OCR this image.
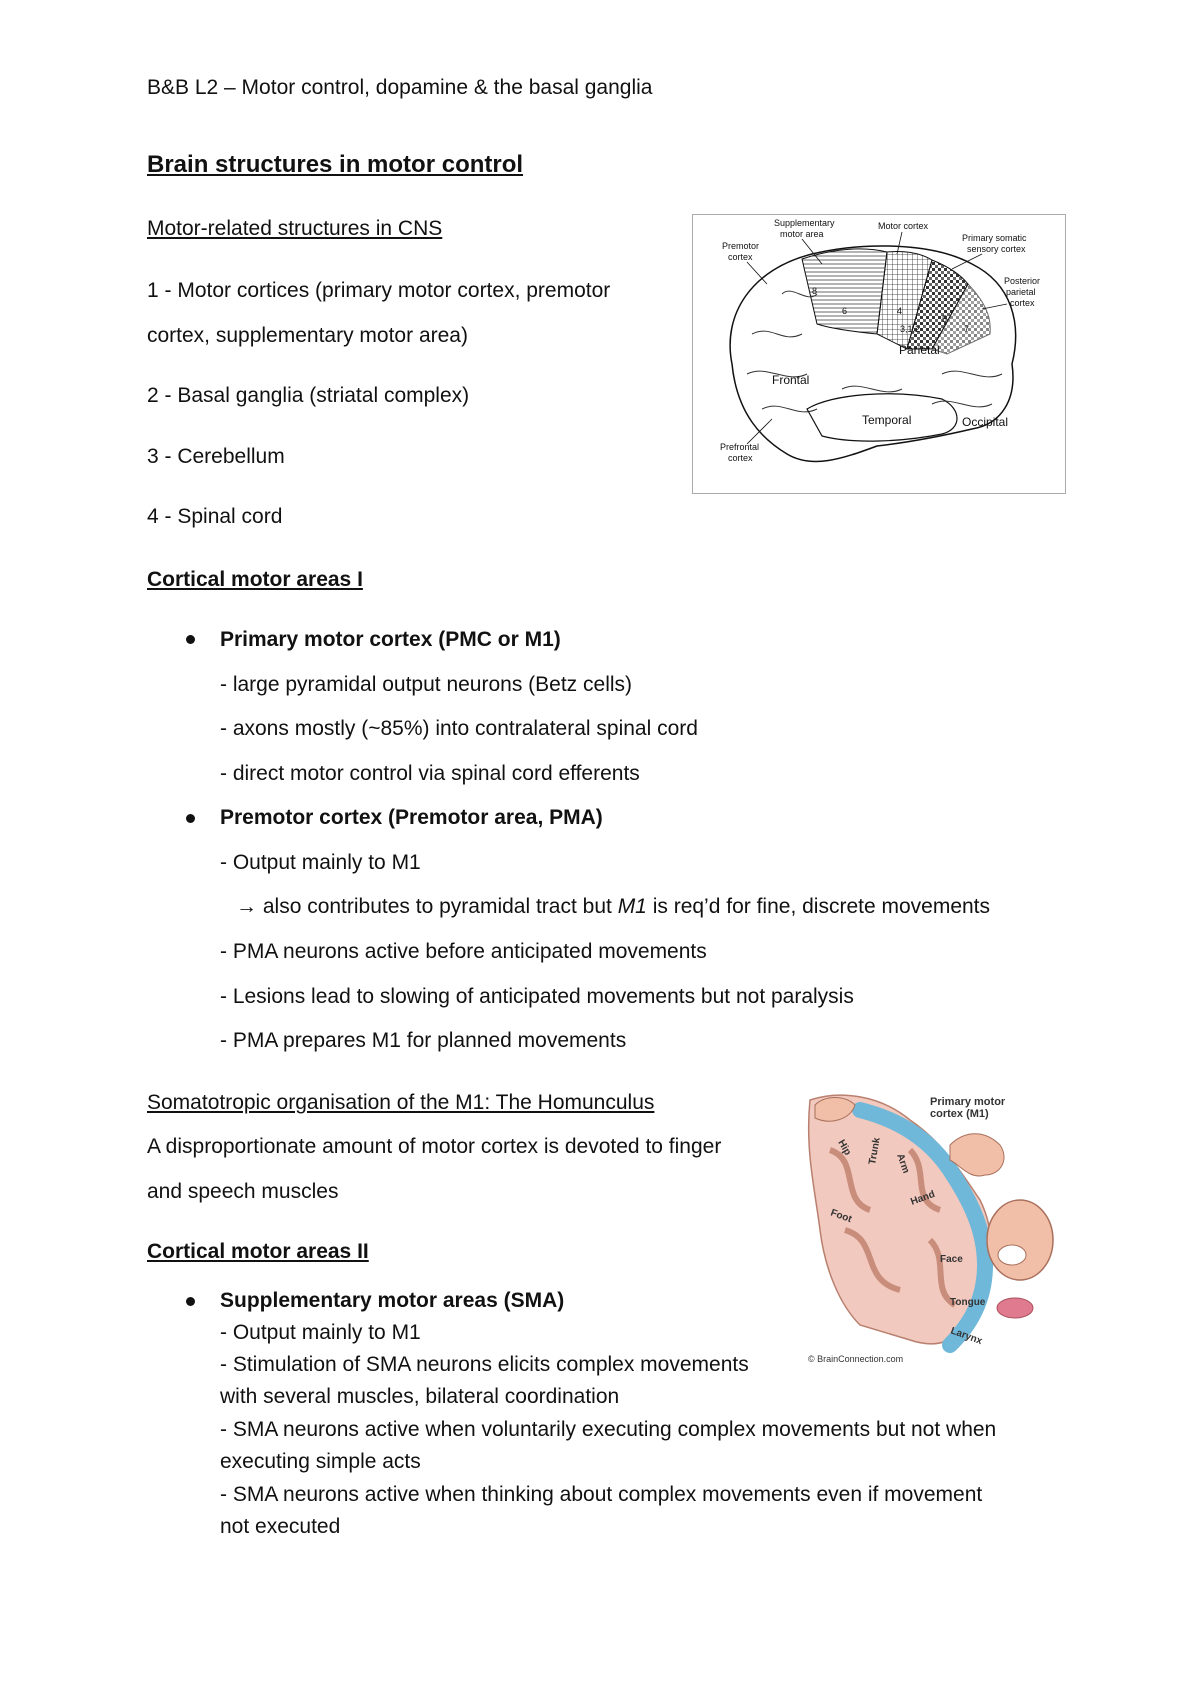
B&B L2 – Motor control, dopamine & the basal ganglia
Brain structures in motor control
Motor-related structures in CNS
1 - Motor cortices (primary motor cortex, premotor
cortex, supplementary motor area)
2 - Basal ganglia (striatal complex)
3 - Cerebellum
4 - Spinal cord
Supplementary
motor area
Motor cortex
Primary somatic
sensory cortex
Premotor
cortex
Posterior
parietal
cortex
Frontal
Parietal
Temporal	Occipital
Prefrontal
cortex
8
6	4
3,1,2
5
7
Cortical motor areas I
Primary motor cortex (PMC or M1)
- large pyramidal output neurons (Betz cells)
- axons mostly (~85%) into contralateral spinal cord
- direct motor control via spinal cord efferents
Premotor cortex (Premotor area, PMA)
- Output mainly to M1
→ also contributes to pyramidal tract but M1 is req’d for fine, discrete movements
- PMA neurons active before anticipated movements
- Lesions lead to slowing of anticipated movements but not paralysis
- PMA prepares M1 for planned movements
Somatotropic organisation of the M1: The Homunculus
A disproportionate amount of motor cortex is devoted to finger
and speech muscles
Primary motor
cortex (M1)
Hip Trunk Arm
Hand
Foot
Face
Tongue
Larynx
© BrainConnection.com
Cortical motor areas II
Supplementary motor areas (SMA)
- Output mainly to M1
- Stimulation of SMA neurons elicits complex movements
with several muscles, bilateral coordination
- SMA neurons active when voluntarily executing complex movements but not when
executing simple acts
- SMA neurons active when thinking about complex movements even if movement
not executed
